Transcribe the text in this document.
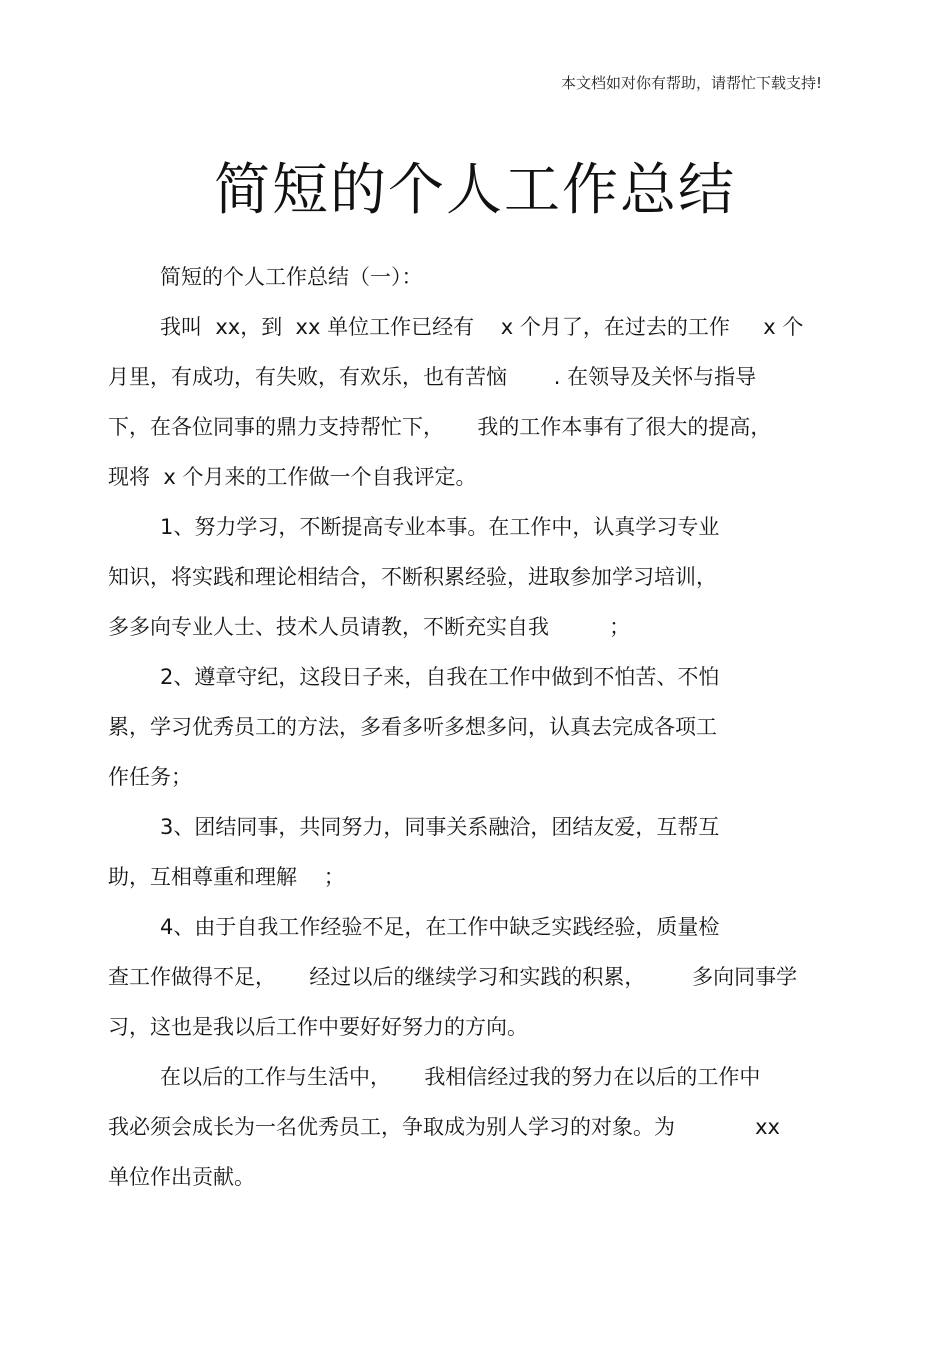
本文档如对你有帮助，请帮忙下载支持!
简短的个人工作总结
简短的个人工作总结（一）：
我叫  xx，到  xx 单位工作已经有    x 个月了，在过去的工作     x 个
月里，有成功，有失败，有欢乐，也有苦恼       . 在领导及关怀与指导
下，在各位同事的鼎力支持帮忙下，     我的工作本事有了很大的提高，
现将  x 个月来的工作做一个自我评定。
1、努力学习，不断提高专业本事。在工作中，认真学习专业
知识，将实践和理论相结合，不断积累经验，进取参加学习培训，
多多向专业人士、技术人员请教，不断充实自我         ；
2、遵章守纪，这段日子来，自我在工作中做到不怕苦、不怕
累，学习优秀员工的方法，多看多听多想多问，认真去完成各项工
作任务；
3、团结同事，共同努力，同事关系融洽，团结友爱，互帮互
助，互相尊重和理解    ；
4、由于自我工作经验不足，在工作中缺乏实践经验，质量检
查工作做得不足，     经过以后的继续学习和实践的积累，       多向同事学
习，这也是我以后工作中要好好努力的方向。
在以后的工作与生活中，     我相信经过我的努力在以后的工作中
我必须会成长为一名优秀员工，争取成为别人学习的对象。为            xx
单位作出贡献。
